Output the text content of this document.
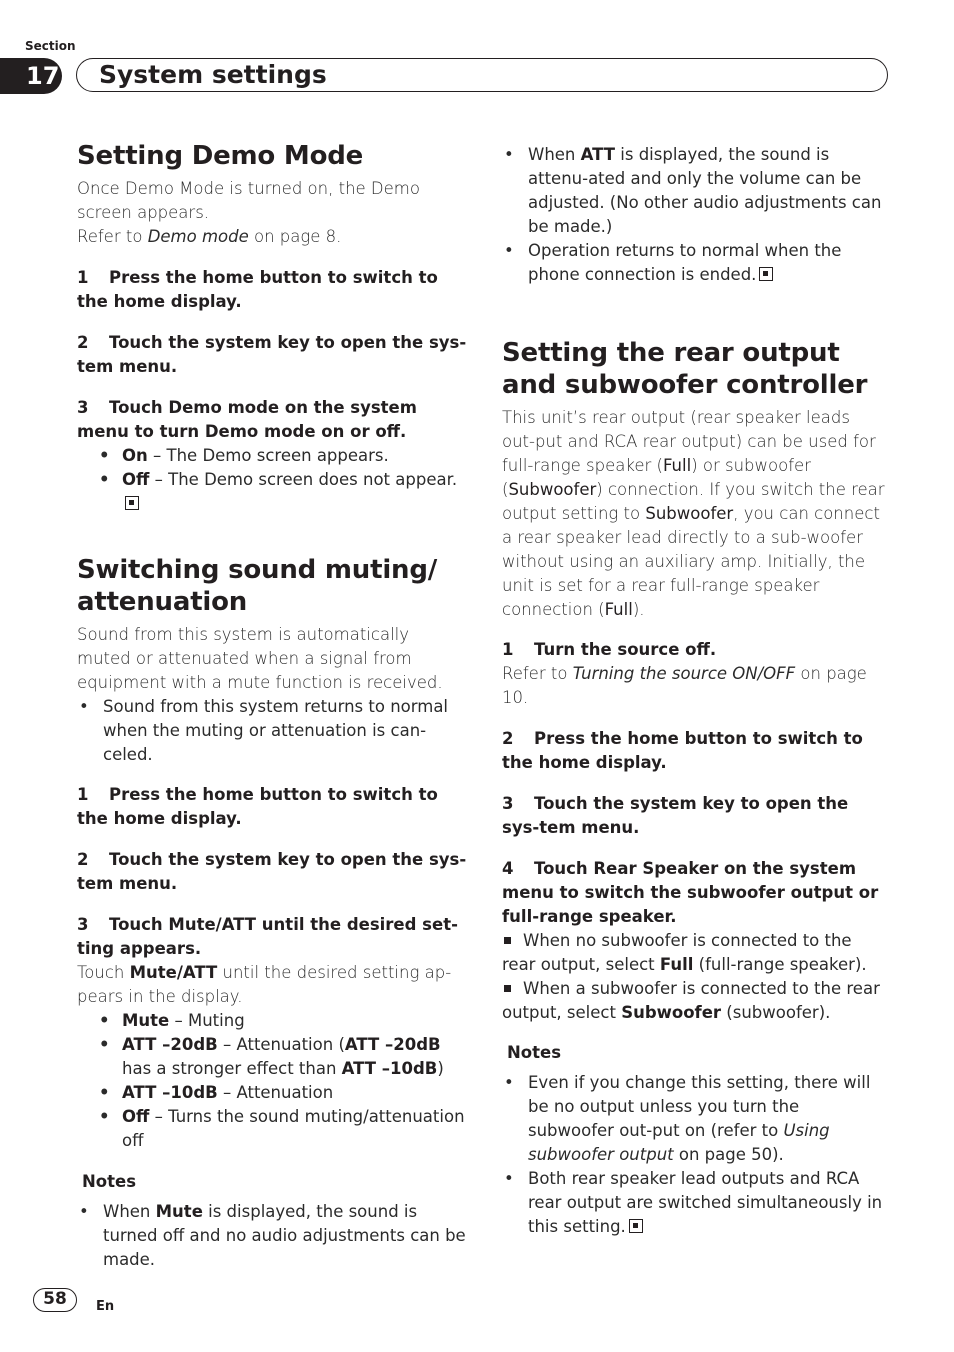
Section
17 System settings
Setting Demo Mode

Once Demo Mode is turned on, the Demo screen appears.

Refer to Demo mode on page 8.

1 Press the home button to switch to the home display.
2 Touch the system key to open the sys-tem menu.
3 Touch Demo mode on the system menu to turn Demo mode on or off.
• On – The Demo screen appears.
• Off – The Demo screen does not appear.
Switching sound muting/ attenuation

Sound from this system is automatically muted or attenuated when a signal from equipment with a mute function is received.

• Sound from this system returns to normal when the muting or attenuation is can-celed.
1 Press the home button to switch to the home display.
2 Touch the system key to open the sys-tem menu.
3 Touch Mute/ATT until the desired set-ting appears.

Touch Mute/ATT until the desired setting ap-pears in the display.

• Mute – Muting
• ATT –20dB – Attenuation (ATT –20dB has a stronger effect than ATT –10dB)
• ATT –10dB – Attenuation
• Off – Turns the sound muting/attenuation off
Notes
• When Mute is displayed, the sound is turned off and no audio adjustments can be made.
• When ATT is displayed, the sound is attenu-ated and only the volume can be adjusted. (No other audio adjustments can be made.)
• Operation returns to normal when the phone connection is ended.
Setting the rear output and subwoofer controller

This unit’s rear output (rear speaker leads out-put and RCA rear output) can be used for full-range speaker (Full) or subwoofer (Subwoofer) connection. If you switch the rear output setting to Subwoofer, you can connect a rear speaker lead directly to a sub-woofer without using an auxiliary amp. Initially, the unit is set for a rear full-range speaker connection (Full).

1 Turn the source off.

Refer to Turning the source ON/OFF on page 10.

2 Press the home button to switch to the home display.
3 Touch the system key to open the sys-tem menu.
4 Touch Rear Speaker on the system menu to switch the subwoofer output or full-range speaker.
When no subwoofer is connected to the rear output, select Full (full-range speaker).
When a subwoofer is connected to the rear output, select Subwoofer (subwoofer).
Notes
• Even if you change this setting, there will be no output unless you turn the subwoofer out-put on (refer to Using subwoofer output on page 50).
• Both rear speaker lead outputs and RCA rear output are switched simultaneously in this setting.
58	En
